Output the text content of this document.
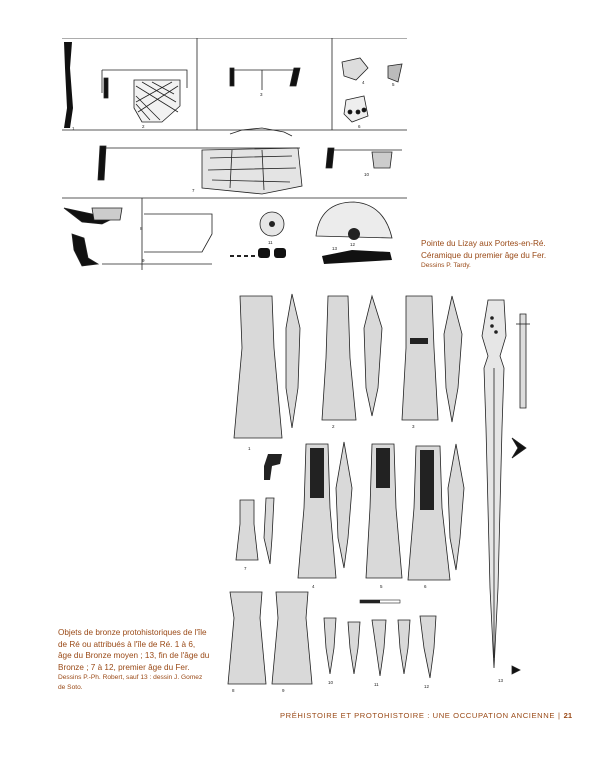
1	2
3
4	5
6
7
8
9
10
11	12
13
1
2	3
4	5	6
7
8	9
10	11	12
13
Pointe du Lizay aux Portes-en-Ré.
Céramique du premier âge du Fer.
Dessins P. Tardy.
Objets de bronze protohistoriques de l'île de Ré ou attribués à l'île de Ré. 1 à 6, âge du Bronze moyen ; 13, fin de l'âge du Bronze ; 7 à 12, premier âge du Fer.
Dessins P.-Ph. Robert, sauf 13 : dessin J. Gomez de Soto.
PRÉHISTOIRE ET PROTOHISTOIRE : UNE OCCUPATION ANCIENNE | 21
